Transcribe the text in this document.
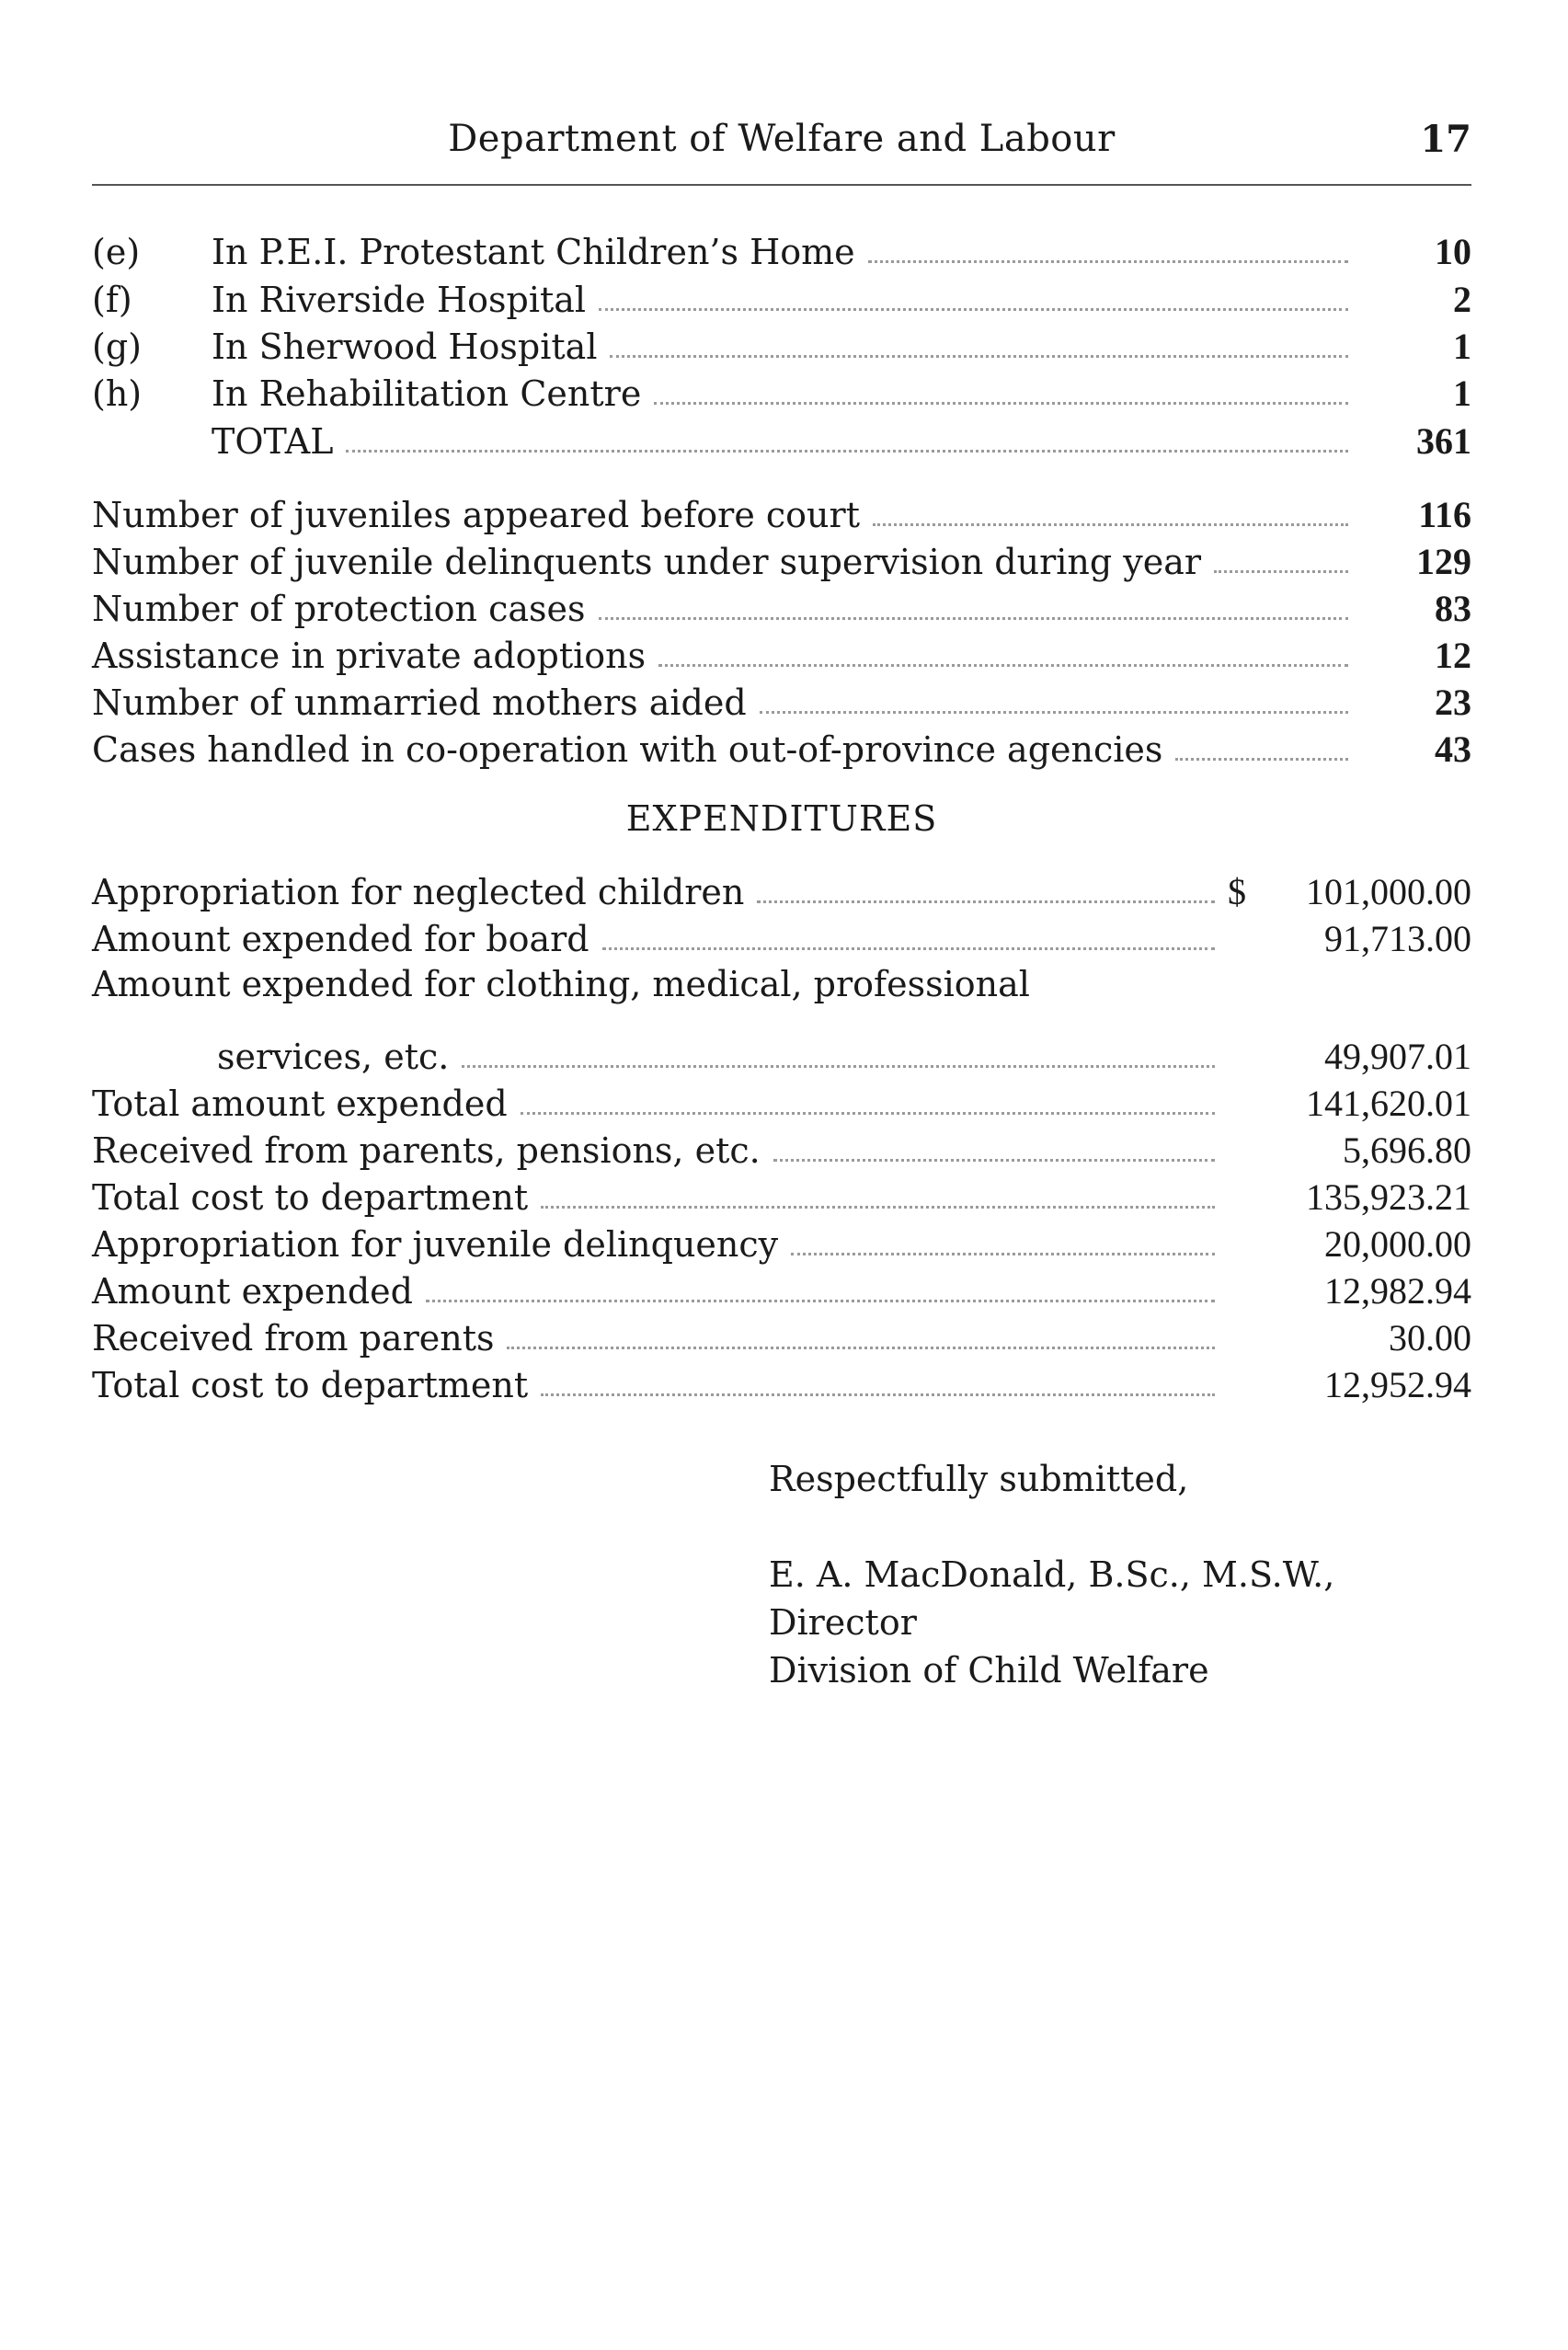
Department of Welfare and Labour	17
(e)	In P.E.I. Protestant Children’s Home	10
(f)	In Riverside Hospital	2
(g)	In Sherwood Hospital	1
(h)	In Rehabilitation Centre	1
TOTAL	361
Number of juveniles appeared before court	116
Number of juvenile delinquents under supervision during year	129
Number of protection cases	83
Assistance in private adoptions	12
Number of unmarried mothers aided	23
Cases handled in co-operation with out-of-province agencies	43
EXPENDITURES
Appropriation for neglected children	$ 101,000.00
Amount expended for board	91,713.00
Amount expended for clothing, medical, professional
services, etc.	49,907.01
Total amount expended	141,620.01
Received from parents, pensions, etc.	5,696.80
Total cost to department	135,923.21
Appropriation for juvenile delinquency	20,000.00
Amount expended	12,982.94
Received from parents	30.00
Total cost to department	12,952.94
Respectfully submitted,
E. A. MacDonald, B.Sc., M.S.W.,
Director
Division of Child Welfare
